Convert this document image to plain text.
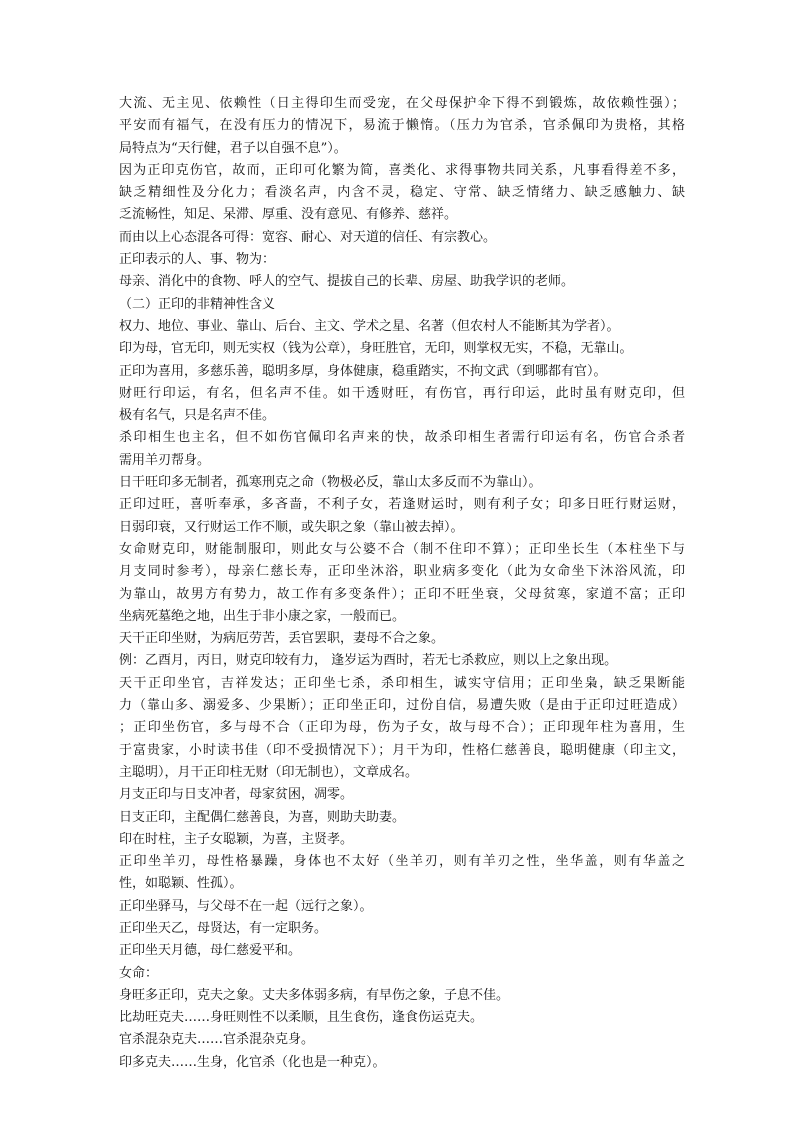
大流、无主见、依赖性（日主得印生而受宠，在父母保护伞下得不到锻炼，故依赖性强）；
平安而有福气，在没有压力的情况下，易流于懒惰。（压力为官杀，官杀佩印为贵格，其格
局特点为“天行健，君子以自强不息”）。
因为正印克伤官，故而，正印可化繁为简，喜类化、求得事物共同关系，凡事看得差不多，
缺乏精细性及分化力；看淡名声，内含不灵，稳定、守常、缺乏情绪力、缺乏感触力、缺
乏流畅性，知足、呆滞、厚重、没有意见、有修养、慈祥。
而由以上心态混各可得：宽容、耐心、对天道的信任、有宗教心。
正印表示的人、事、物为：
母亲、消化中的食物、呼人的空气、提拔自己的长辈、房屋、助我学识的老师。
（二）正印的非精神性含义
权力、地位、事业、靠山、后台、主文、学术之星、名著（但农村人不能断其为学者）。
印为母，官无印，则无实权（钱为公章），身旺胜官，无印，则掌权无实，不稳，无靠山。
正印为喜用，多慈乐善，聪明多厚，身体健康，稳重踏实，不拘文武（到哪都有官）。
财旺行印运，有名，但名声不佳。如干透财旺，有伤官，再行印运，此时虽有财克印，但
极有名气，只是名声不佳。
杀印相生也主名，但不如伤官佩印名声来的快，故杀印相生者需行印运有名，伤官合杀者
需用羊刃帮身。
日干旺印多无制者，孤寒刑克之命（物极必反，靠山太多反而不为靠山）。
正印过旺，喜听奉承，多吝啬，不利子女，若逢财运时，则有利子女；印多日旺行财运财，
日弱印衰，又行财运工作不顺，或失职之象（靠山被去掉）。
女命财克印，财能制服印，则此女与公婆不合（制不住印不算）；正印坐长生（本柱坐下与
月支同时参考），母亲仁慈长寿，正印坐沐浴，职业病多变化（此为女命坐下沐浴风流，印
为靠山，故男方有势力，故工作有多变条件）；正印不旺坐衰，父母贫寒，家道不富；正印
坐病死墓绝之地，出生于非小康之家，一般而已。
天干正印坐财，为病厄劳苦，丢官罢职，妻母不合之象。
例：乙酉月，丙日，财克印较有力， 逢岁运为酉时，若无七杀救应，则以上之象出现。
天干正印坐官，吉祥发达；正印坐七杀，杀印相生，诚实守信用；正印坐枭，缺乏果断能
力（靠山多、溺爱多、少果断）；正印坐正印，过份自信，易遭失败（是由于正印过旺造成）
；正印坐伤官，多与母不合（正印为母，伤为子女，故与母不合）；正印现年柱为喜用，生
于富贵家，小时读书佳（印不受损情况下）；月干为印，性格仁慈善良，聪明健康（印主文，
主聪明），月干正印柱无财（印无制也），文章成名。
月支正印与日支冲者，母家贫困，凋零。
日支正印，主配偶仁慈善良，为喜，则助夫助妻。
印在时柱，主子女聪颖，为喜，主贤孝。
正印坐羊刃，母性格暴躁，身体也不太好（坐羊刃，则有羊刃之性，坐华盖，则有华盖之
性，如聪颖、性孤）。
正印坐驿马，与父母不在一起（远行之象）。
正印坐天乙，母贤达，有一定职务。
正印坐天月德，母仁慈爱平和。
女命：
身旺多正印，克夫之象。丈夫多体弱多病，有早伤之象，子息不佳。
比劫旺克夫……身旺则性不以柔顺，且生食伤，逢食伤运克夫。
官杀混杂克夫……官杀混杂克身。
印多克夫……生身，化官杀（化也是一种克）。
